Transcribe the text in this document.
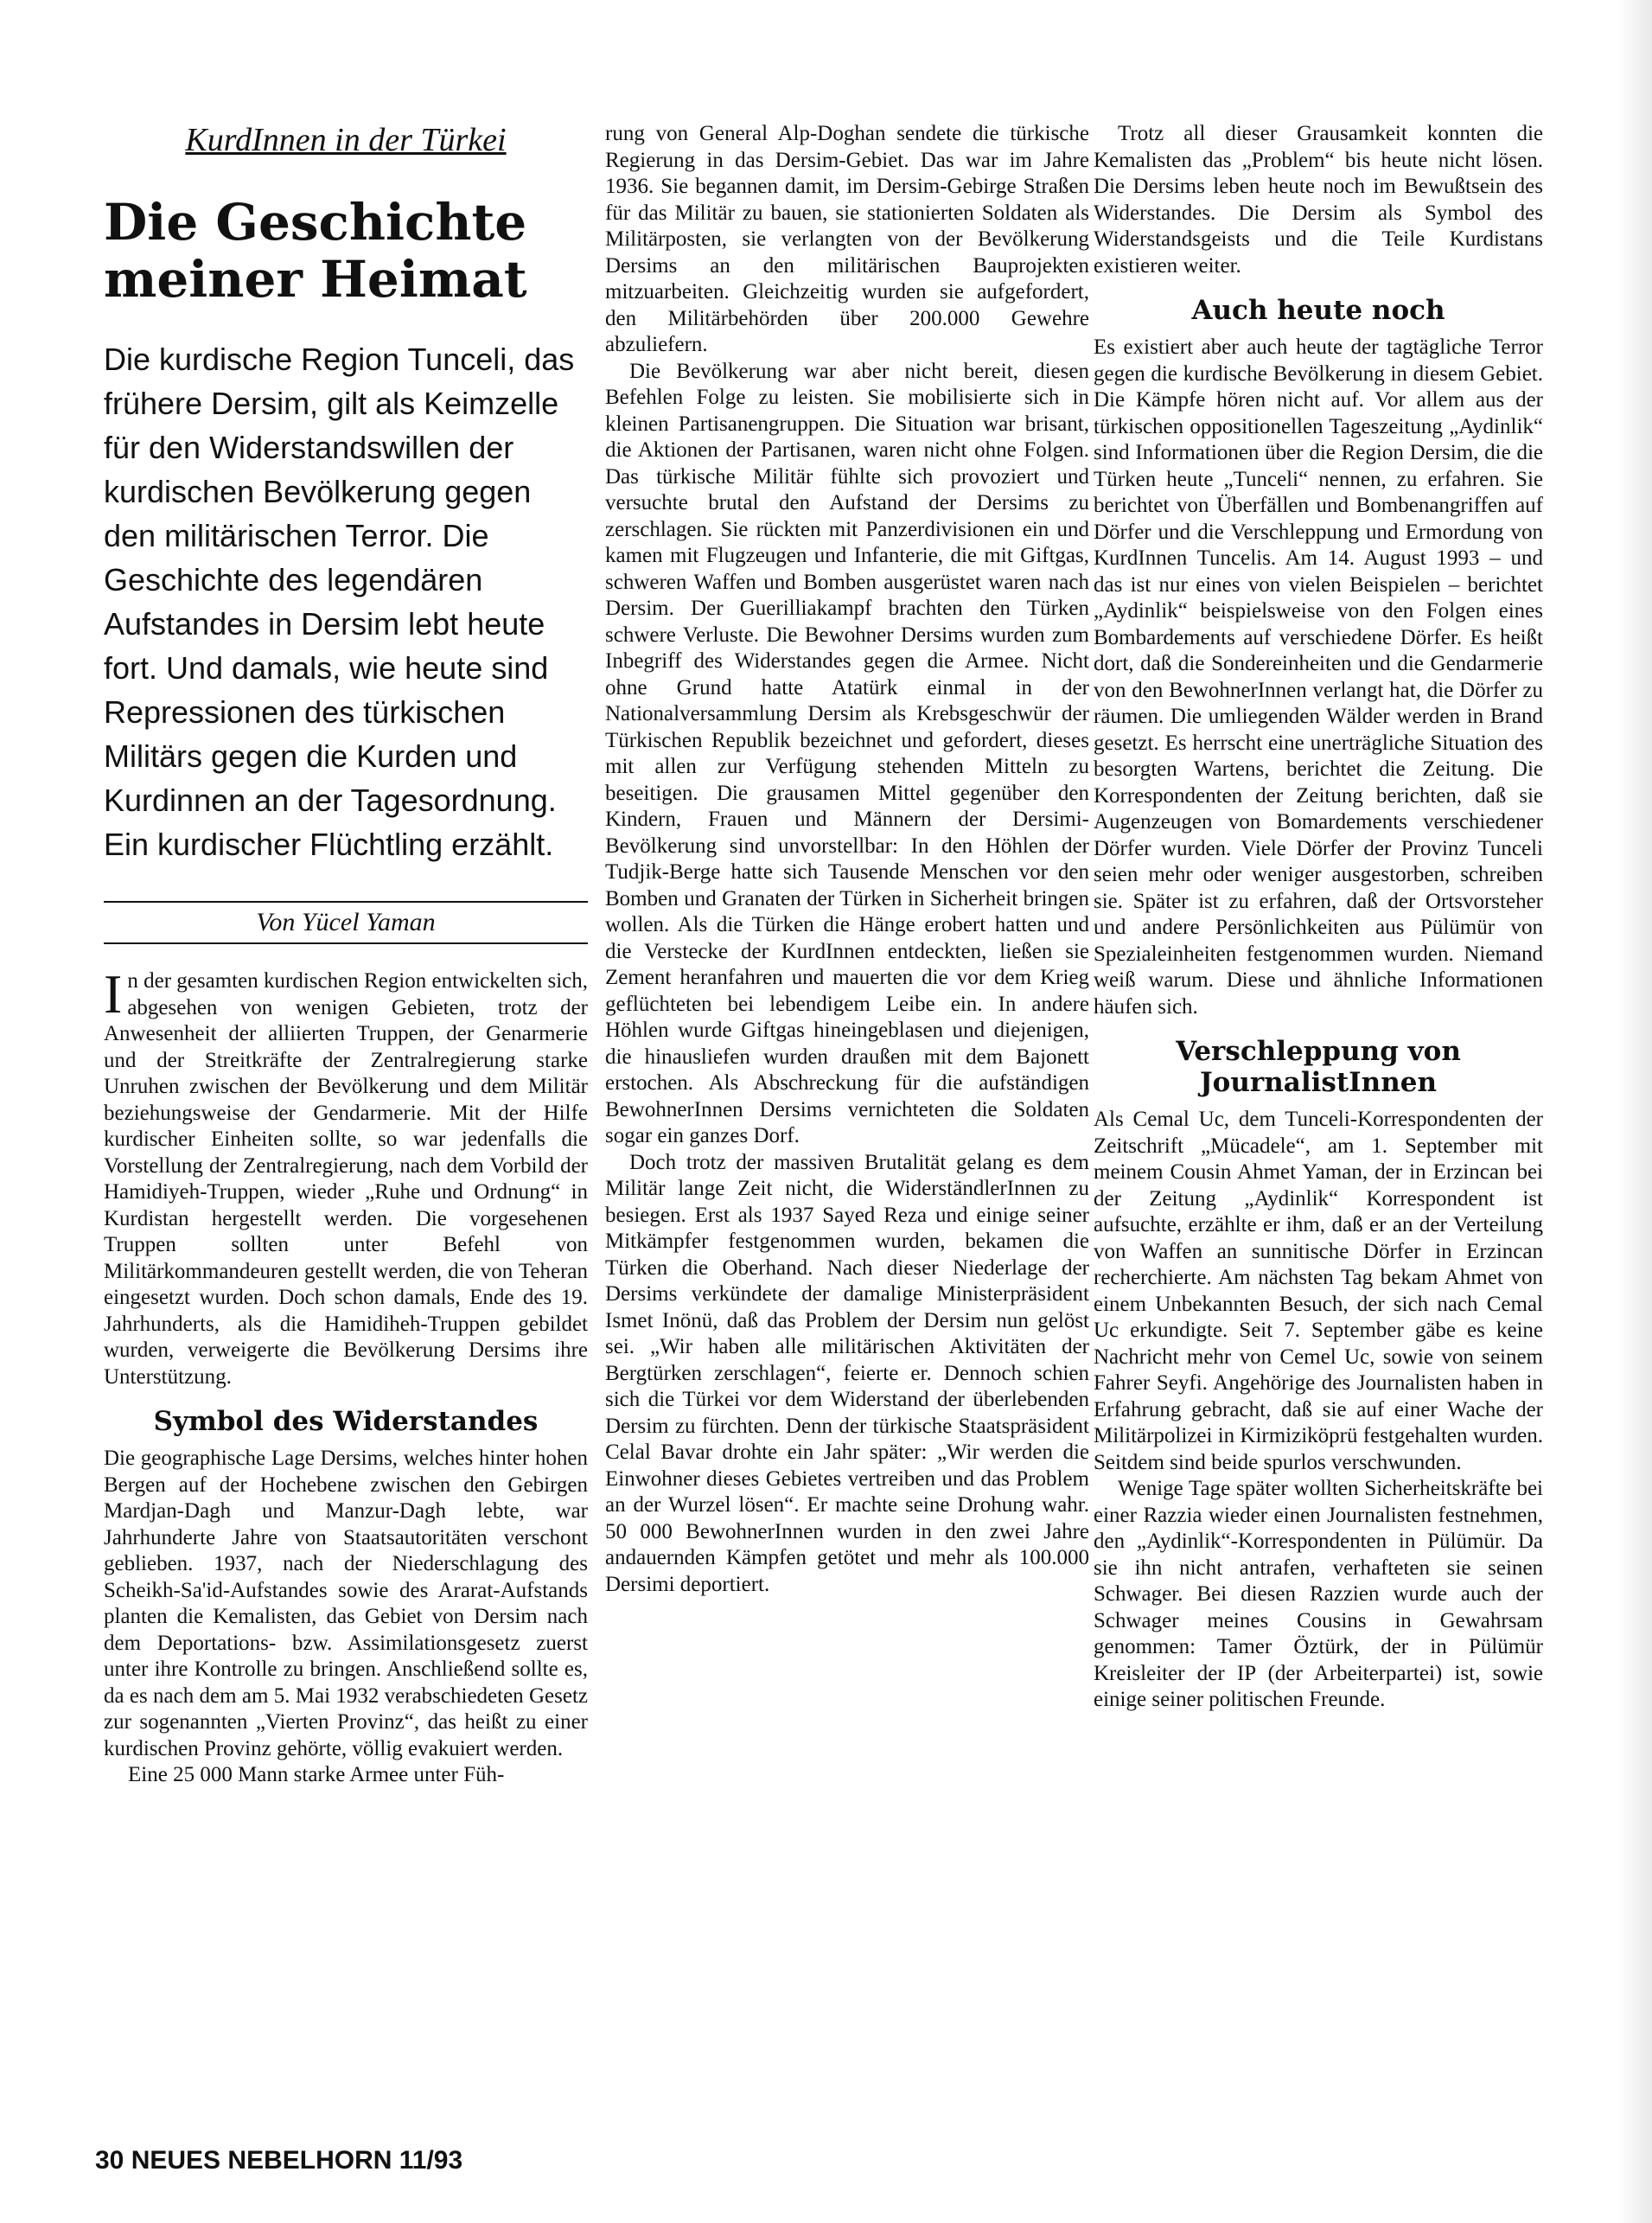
KurdInnen in der Türkei
Die Geschichte meiner Heimat
Die kurdische Region Tunceli, das frühere Dersim, gilt als Keimzelle für den Widerstandswillen der kurdischen Bevölkerung gegen den militärischen Terror. Die Geschichte des legendären Aufstandes in Dersim lebt heute fort. Und damals, wie heute sind Repressionen des türkischen Militärs gegen die Kurden und Kurdinnen an der Tagesordnung. Ein kurdischer Flüchtling erzählt.
Von Yücel Yaman

In der gesamten kurdischen Region entwickelten sich, abgesehen von wenigen Gebieten, trotz der Anwesenheit der alliierten Truppen, der Genarmerie und der Streitkräfte der Zentralregierung starke Unruhen zwischen der Bevölkerung und dem Militär beziehungsweise der Gendarmerie. Mit der Hilfe kurdischer Einheiten sollte, so war jedenfalls die Vorstellung der Zentralregierung, nach dem Vorbild der Hamidiyeh-Truppen, wieder „Ruhe und Ordnung“ in Kurdistan hergestellt werden. Die vorgesehenen Truppen sollten unter Befehl von Militärkommandeuren gestellt werden, die von Teheran eingesetzt wurden. Doch schon damals, Ende des 19. Jahrhunderts, als die Hamidiheh-Truppen gebildet wurden, verweigerte die Bevölkerung Dersims ihre Unterstützung.

Symbol des Widerstandes

Die geographische Lage Dersims, welches hinter hohen Bergen auf der Hochebene zwischen den Gebirgen Mardjan-Dagh und Manzur-Dagh lebte, war Jahrhunderte Jahre von Staatsautoritäten verschont geblieben. 1937, nach der Niederschlagung des Scheikh-Sa'id-Aufstandes sowie des Ararat-Aufstands planten die Kemalisten, das Gebiet von Dersim nach dem Deportations- bzw. Assimilationsgesetz zuerst unter ihre Kontrolle zu bringen. Anschließend sollte es, da es nach dem am 5. Mai 1932 verabschiedeten Gesetz zur sogenannten „Vierten Provinz“, das heißt zu einer kurdischen Provinz gehörte, völlig evakuiert werden.

Eine 25 000 Mann starke Armee unter Füh-

rung von General Alp-Doghan sendete die türkische Regierung in das Dersim-Gebiet. Das war im Jahre 1936. Sie begannen damit, im Dersim-Gebirge Straßen für das Militär zu bauen, sie stationierten Soldaten als Militärposten, sie verlangten von der Bevölkerung Dersims an den militärischen Bauprojekten mitzuarbeiten. Gleichzeitig wurden sie aufgefordert, den Militärbehörden über 200.000 Gewehre abzuliefern.

Die Bevölkerung war aber nicht bereit, diesen Befehlen Folge zu leisten. Sie mobilisierte sich in kleinen Partisanengruppen. Die Situation war brisant, die Aktionen der Partisanen, waren nicht ohne Folgen. Das türkische Militär fühlte sich provoziert und versuchte brutal den Aufstand der Dersims zu zerschlagen. Sie rückten mit Panzerdivisionen ein und kamen mit Flugzeugen und Infanterie, die mit Giftgas, schweren Waffen und Bomben ausgerüstet waren nach Dersim. Der Guerilliakampf brachten den Türken schwere Verluste. Die Bewohner Dersims wurden zum Inbegriff des Widerstandes gegen die Armee. Nicht ohne Grund hatte Atatürk einmal in der Nationalversammlung Dersim als Krebsgeschwür der Türkischen Republik bezeichnet und gefordert, dieses mit allen zur Verfügung stehenden Mitteln zu beseitigen. Die grausamen Mittel gegenüber den Kindern, Frauen und Männern der Dersimi-Bevölkerung sind unvorstellbar: In den Höhlen der Tudjik-Berge hatte sich Tausende Menschen vor den Bomben und Granaten der Türken in Sicherheit bringen wollen. Als die Türken die Hänge erobert hatten und die Verstecke der KurdInnen entdeckten, ließen sie Zement heranfahren und mauerten die vor dem Krieg geflüchteten bei lebendigem Leibe ein. In andere Höhlen wurde Giftgas hineingeblasen und diejenigen, die hinausliefen wurden draußen mit dem Bajonett erstochen. Als Abschreckung für die aufständigen BewohnerInnen Dersims vernichteten die Soldaten sogar ein ganzes Dorf.

Doch trotz der massiven Brutalität gelang es dem Militär lange Zeit nicht, die WiderständlerInnen zu besiegen. Erst als 1937 Sayed Reza und einige seiner Mitkämpfer festgenommen wurden, bekamen die Türken die Oberhand. Nach dieser Niederlage der Dersims verkündete der damalige Ministerpräsident Ismet Inönü, daß das Problem der Dersim nun gelöst sei. „Wir haben alle militärischen Aktivitäten der Bergtürken zerschlagen“, feierte er. Dennoch schien sich die Türkei vor dem Widerstand der überlebenden Dersim zu fürchten. Denn der türkische Staatspräsident Celal Bavar drohte ein Jahr später: „Wir werden die Einwohner dieses Gebietes vertreiben und das Problem an der Wurzel lösen“. Er machte seine Drohung wahr. 50 000 BewohnerInnen wurden in den zwei Jahre andauernden Kämpfen getötet und mehr als 100.000 Dersimi deportiert.

Trotz all dieser Grausamkeit konnten die Kemalisten das „Problem“ bis heute nicht lösen. Die Dersims leben heute noch im Bewußtsein des Widerstandes. Die Dersim als Symbol des Widerstandsgeists und die Teile Kurdistans existieren weiter.

Auch heute noch

Es existiert aber auch heute der tagtägliche Terror gegen die kurdische Bevölkerung in diesem Gebiet. Die Kämpfe hören nicht auf. Vor allem aus der türkischen oppositionellen Tageszeitung „Aydinlik“ sind Informationen über die Region Dersim, die die Türken heute „Tunceli“ nennen, zu erfahren. Sie berichtet von Überfällen und Bombenangriffen auf Dörfer und die Verschleppung und Ermordung von KurdInnen Tuncelis. Am 14. August 1993 – und das ist nur eines von vielen Beispielen – berichtet „Aydinlik“ beispielsweise von den Folgen eines Bombardements auf verschiedene Dörfer. Es heißt dort, daß die Sondereinheiten und die Gendarmerie von den BewohnerInnen verlangt hat, die Dörfer zu räumen. Die umliegenden Wälder werden in Brand gesetzt. Es herrscht eine unerträgliche Situation des besorgten Wartens, berichtet die Zeitung. Die Korrespondenten der Zeitung berichten, daß sie Augenzeugen von Bomardements verschiedener Dörfer wurden. Viele Dörfer der Provinz Tunceli seien mehr oder weniger ausgestorben, schreiben sie. Später ist zu erfahren, daß der Ortsvorsteher und andere Persönlichkeiten aus Pülümür von Spezialeinheiten festgenommen wurden. Niemand weiß warum. Diese und ähnliche Informationen häufen sich.

Verschleppung von JournalistInnen

Als Cemal Uc, dem Tunceli-Korrespondenten der Zeitschrift „Mücadele“, am 1. September mit meinem Cousin Ahmet Yaman, der in Erzincan bei der Zeitung „Aydinlik“ Korrespondent ist aufsuchte, erzählte er ihm, daß er an der Verteilung von Waffen an sunnitische Dörfer in Erzincan recherchierte. Am nächsten Tag bekam Ahmet von einem Unbekannten Besuch, der sich nach Cemal Uc erkundigte. Seit 7. September gäbe es keine Nachricht mehr von Cemel Uc, sowie von seinem Fahrer Seyfi. Angehörige des Journalisten haben in Erfahrung gebracht, daß sie auf einer Wache der Militärpolizei in Kirmiziköprü festgehalten wurden. Seitdem sind beide spurlos verschwunden.

Wenige Tage später wollten Sicherheitskräfte bei einer Razzia wieder einen Journalisten festnehmen, den „Aydinlik“-Korrespondenten in Pülümür. Da sie ihn nicht antrafen, verhafteten sie seinen Schwager. Bei diesen Razzien wurde auch der Schwager meines Cousins in Gewahrsam genommen: Tamer Öztürk, der in Pülümür Kreisleiter der IP (der Arbeiterpartei) ist, sowie einige seiner politischen Freunde.

30 NEUES NEBELHORN 11/93
